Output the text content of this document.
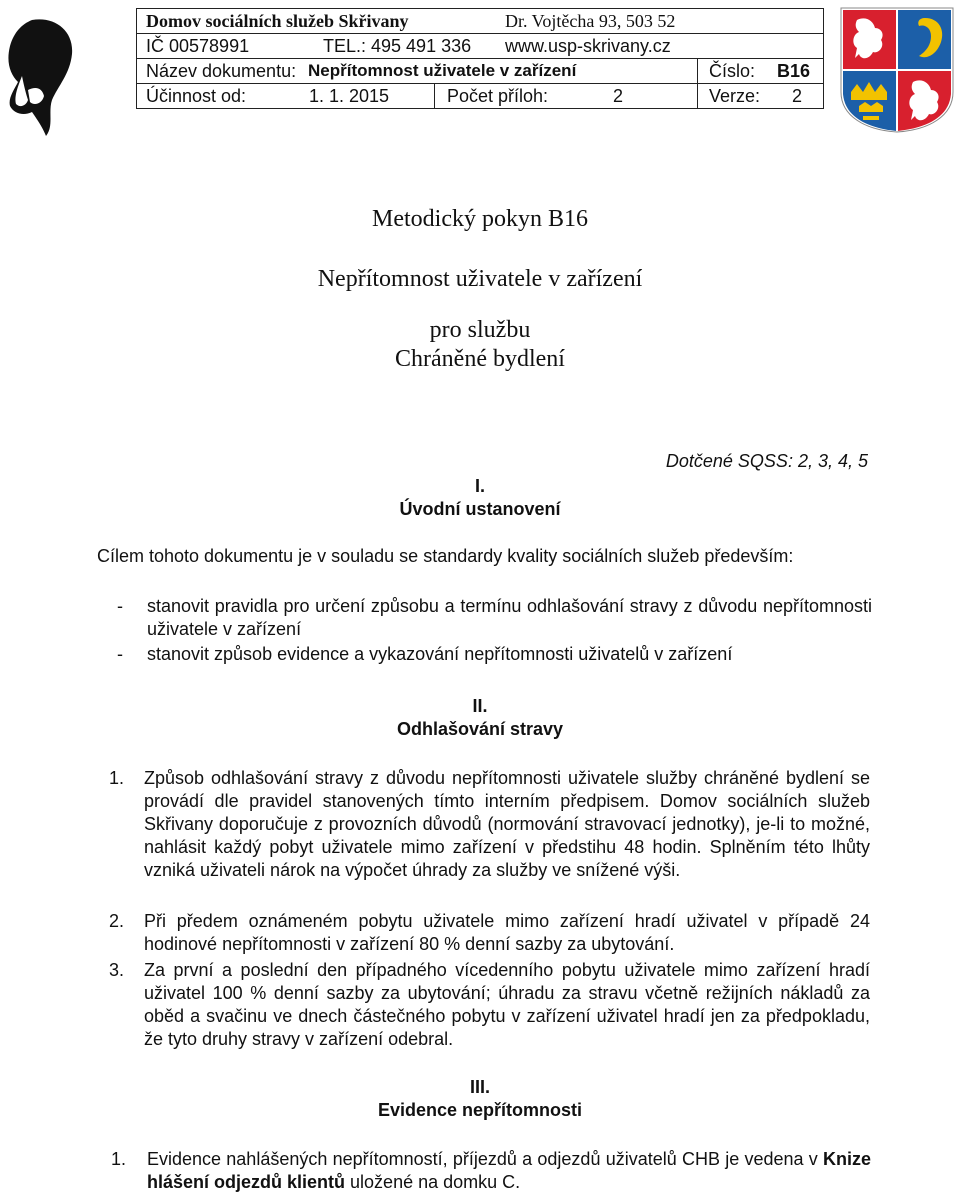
Domov sociálních služeb Skřivany	Dr. Vojtěcha 93, 503 52
IČ 00578991	TEL.: 495 491 336 www.usp-skrivany.cz
Název dokumentu: Nepřítomnost uživatele v zařízení	Číslo: B16
Účinnost od:	1. 1. 2015	Počet příloh:	2	Verze: 2
Metodický pokyn B16
Nepřítomnost uživatele v zařízení
pro službu
Chráněné bydlení
Dotčené SQSS: 2, 3, 4, 5
I.
Úvodní ustanovení
Cílem tohoto dokumentu je v souladu se standardy kvality sociálních služeb především:
- stanovit pravidla pro určení způsobu a termínu odhlašování stravy z důvodu nepřítomnosti uživatele v zařízení
- stanovit způsob evidence a vykazování nepřítomnosti uživatelů v zařízení
II.
Odhlašování stravy
1. Způsob odhlašování stravy z důvodu nepřítomnosti uživatele služby chráněné bydlení se provádí dle pravidel stanovených tímto interním předpisem. Domov sociálních služeb Skřivany doporučuje z provozních důvodů (normování stravovací jednotky), je-li to možné, nahlásit každý pobyt uživatele mimo zařízení v předstihu 48 hodin. Splněním této lhůty vzniká uživateli nárok na výpočet úhrady za služby ve snížené výši.
2. Při předem oznámeném pobytu uživatele mimo zařízení hradí uživatel v případě 24 hodinové nepřítomnosti v zařízení 80 % denní sazby za ubytování.
3. Za první a poslední den případného vícedenního pobytu uživatele mimo zařízení hradí uživatel 100 % denní sazby za ubytování; úhradu za stravu včetně režijních nákladů za oběd a svačinu ve dnech částečného pobytu v zařízení uživatel hradí jen za předpokladu, že tyto druhy stravy v zařízení odebral.
III.
Evidence nepřítomnosti
1. Evidence nahlášených nepřítomností, příjezdů a odjezdů uživatelů CHB je vedena v Knize hlášení odjezdů klientů uložené na domku C.
